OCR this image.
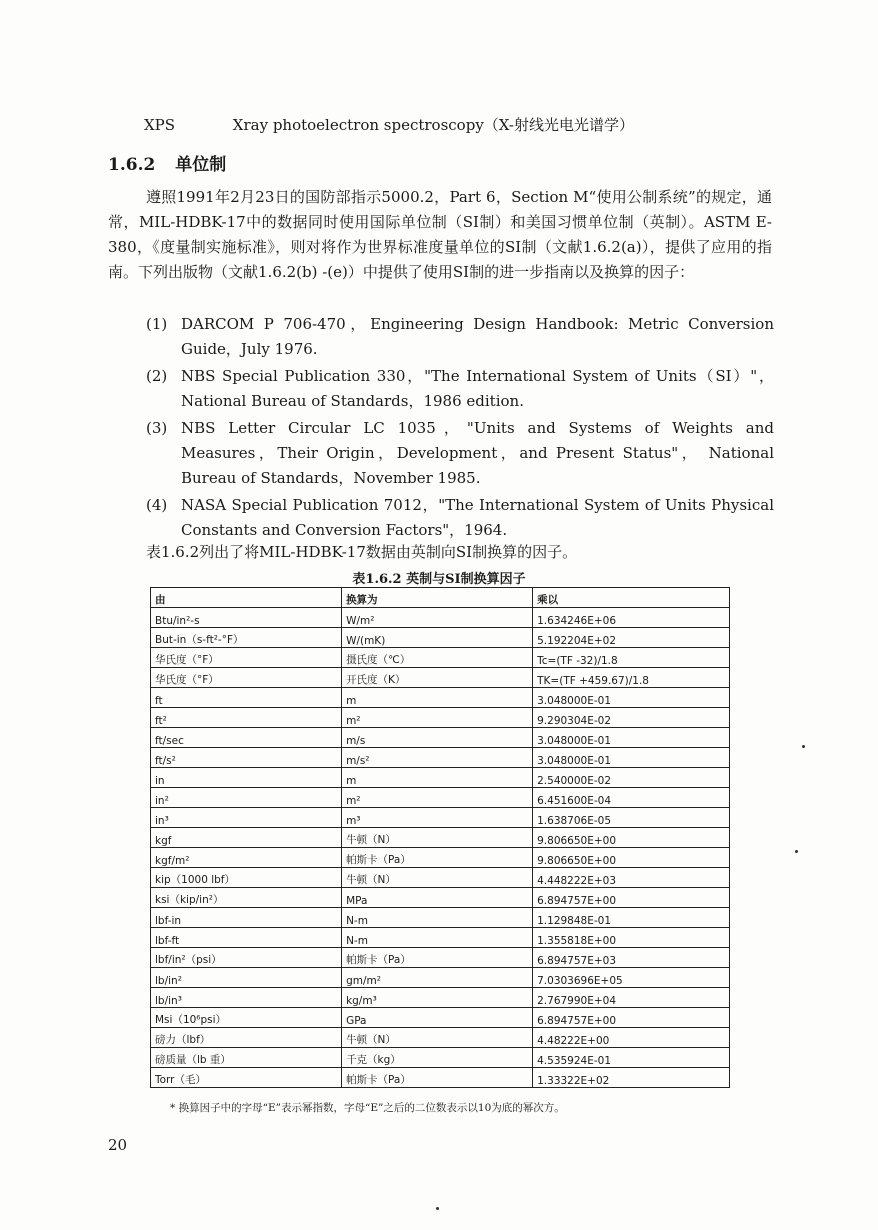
XPS	Xray photoelectron spectroscopy（X-射线光电光谱学）
1.6.2 单位制

遵照1991年2月23日的国防部指示5000.2，Part 6，Section M“使用公制系统”的规定，通常，MIL-HDBK-17中的数据同时使用国际单位制（SI制）和美国习惯单位制（英制）。ASTM E-380，《度量制实施标准》，则对将作为世界标准度量单位的SI制（文献1.6.2(a)），提供了应用的指南。下列出版物（文献1.6.2(b) -(e)）中提供了使用SI制的进一步指南以及换算的因子：

(1) DARCOM P 706-470，Engineering Design Handbook: Metric Conversion Guide，July 1976.
(2) NBS Special Publication 330，"The International System of Units（SI）"， National Bureau of Standards，1986 edition.
(3) NBS Letter Circular LC 1035，"Units and Systems of Weights and Measures，Their Origin，Development，and Present Status"， National Bureau of Standards，November 1985.
(4) NASA Special Publication 7012，"The International System of Units Physical Constants and Conversion Factors"，1964.
表1.6.2列出了将MIL-HDBK-17数据由英制向SI制换算的因子。
表1.6.2 英制与SI制换算因子
由	换算为	乘以
Btu/in²-s	W/m²	1.634246E+06
But-in（s-ft²-°F）	W/(mK)	5.192204E+02
华氏度（°F）	摄氏度（℃）	Tc=(TF -32)/1.8
华氏度（°F）	开氏度（K）	TK=(TF +459.67)/1.8
ft	m	3.048000E-01
ft²	m²	9.290304E-02
ft/sec	m/s	3.048000E-01
ft/s²	m/s²	3.048000E-01
in	m	2.540000E-02
in²	m²	6.451600E-04
in³	m³	1.638706E-05
kgf	牛顿（N）	9.806650E+00
kgf/m²	帕斯卡（Pa）	9.806650E+00
kip（1000 lbf）	牛顿（N）	4.448222E+03
ksi（kip/in²）	MPa	6.894757E+00
lbf-in	N-m	1.129848E-01
lbf-ft	N-m	1.355818E+00
lbf/in²（psi）	帕斯卡（Pa）	6.894757E+03
lb/in²	gm/m²	7.0303696E+05
lb/in³	kg/m³	2.767990E+04
Msi（10⁶psi）	GPa	6.894757E+00
磅力（lbf）	牛顿（N）	4.48222E+00
磅质量（lb 重）	千克（kg）	4.535924E-01
Torr（毛）	帕斯卡（Pa）	1.33322E+02
* 换算因子中的字母“E”表示幂指数，字母“E”之后的二位数表示以10为底的幂次方。
20
